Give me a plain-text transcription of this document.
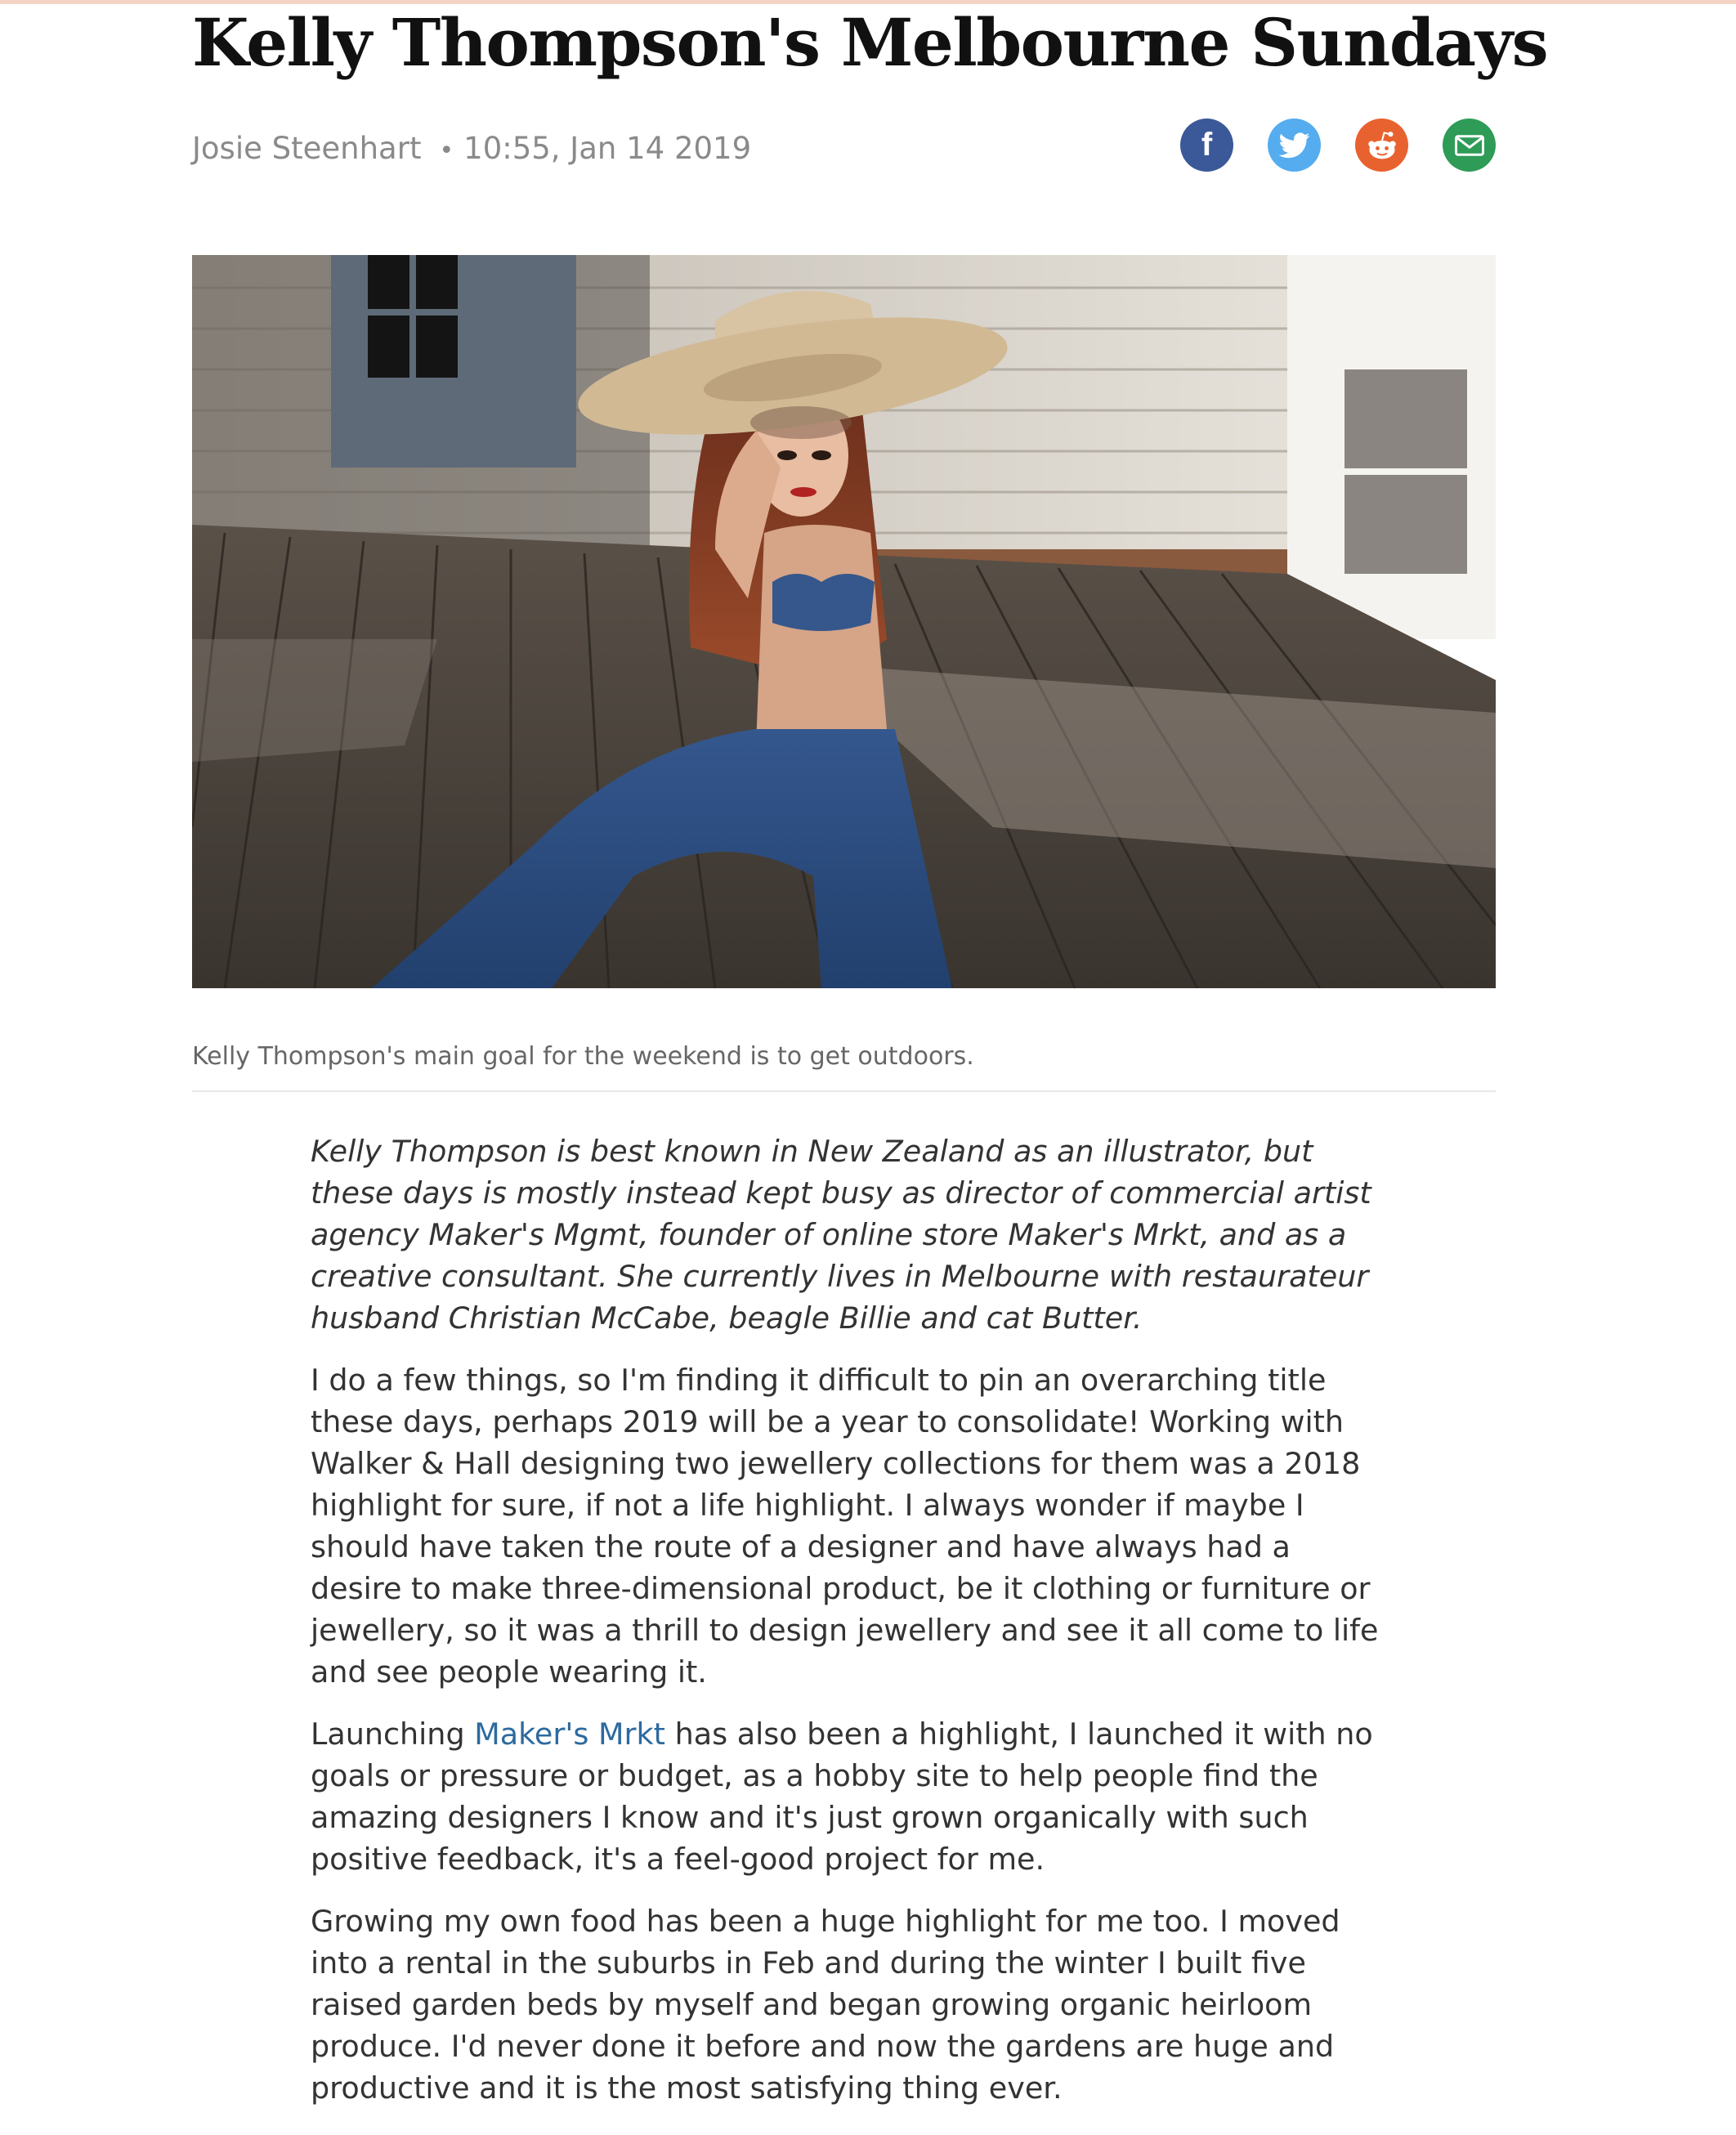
Kelly Thompson's Melbourne Sundays
Josie Steenhart • 10:55, Jan 14 2019	f
Kelly Thompson's main goal for the weekend is to get outdoors.

Kelly Thompson is best known in New Zealand as an illustrator, but these days is mostly instead kept busy as director of commercial artist agency Maker's Mgmt, founder of online store Maker's Mrkt, and as a creative consultant. She currently lives in Melbourne with restaurateur husband Christian McCabe, beagle Billie and cat Butter.

I do a few things, so I'm finding it difficult to pin an overarching title these days, perhaps 2019 will be a year to consolidate! Working with Walker & Hall designing two jewellery collections for them was a 2018 highlight for sure, if not a life highlight. I always wonder if maybe I should have taken the route of a designer and have always had a desire to make three-dimensional product, be it clothing or furniture or jewellery, so it was a thrill to design jewellery and see it all come to life and see people wearing it.

Launching Maker's Mrkt has also been a highlight, I launched it with no goals or pressure or budget, as a hobby site to help people find the amazing designers I know and it's just grown organically with such positive feedback, it's a feel-good project for me.

Growing my own food has been a huge highlight for me too. I moved into a rental in the suburbs in Feb and during the winter I built five raised garden beds by myself and began growing organic heirloom produce. I'd never done it before and now the gardens are huge and productive and it is the most satisfying thing ever.
